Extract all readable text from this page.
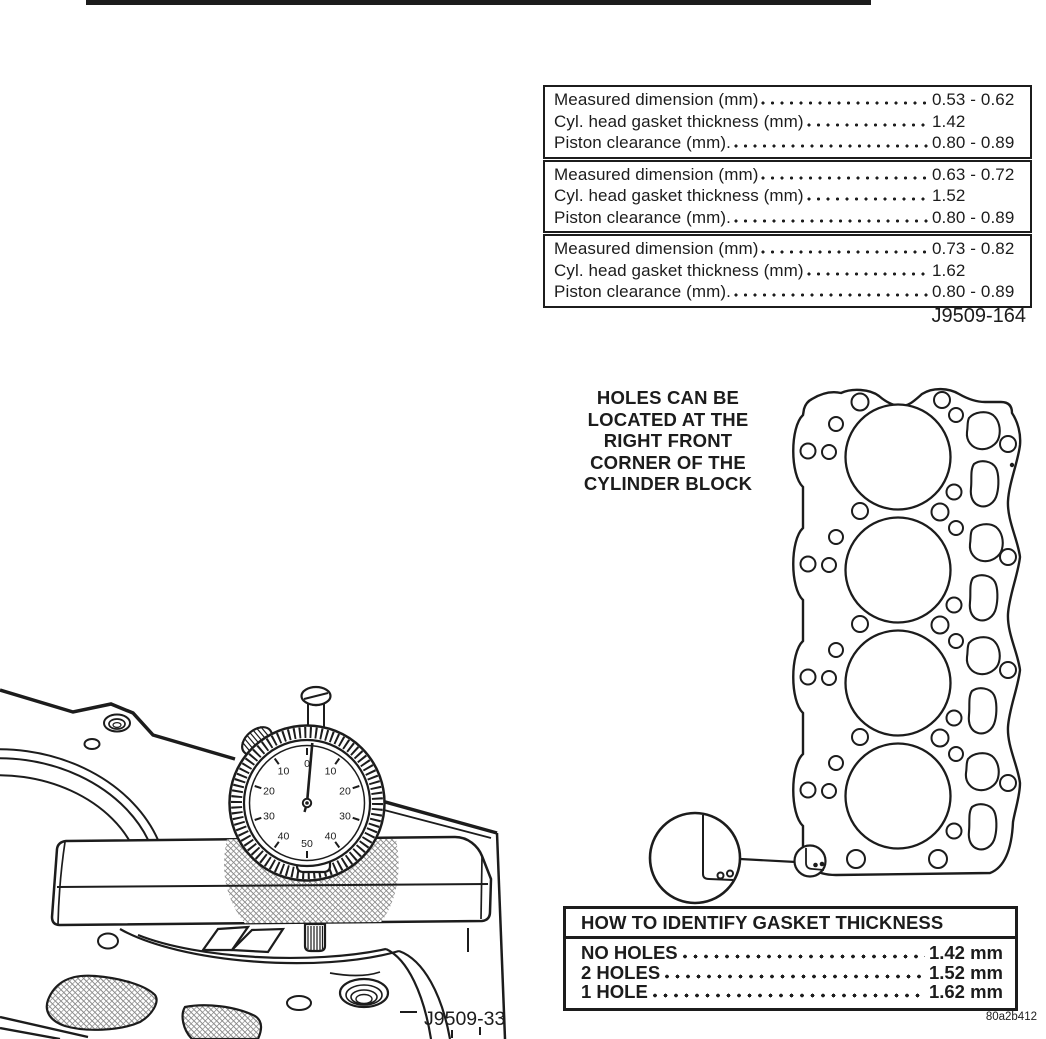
Measured dimension (mm)	0.53 - 0.62
Cyl. head gasket thickness (mm)	1.42
Piston clearance (mm).	0.80 - 0.89
Measured dimension (mm)	0.63 - 0.72
Cyl. head gasket thickness (mm)	1.52
Piston clearance (mm).	0.80 - 0.89
Measured dimension (mm)	0.73 - 0.82
Cyl. head gasket thickness (mm)	1.62
Piston clearance (mm).	0.80 - 0.89
J9509-164
HOLES CAN BE
LOCATED AT THE
RIGHT FRONT
CORNER OF THE
CYLINDER BLOCK
0
10
20
30
40
50
40
30
20
10
J9509-33
HOW TO IDENTIFY GASKET THICKNESS
NO HOLES	1.42 mm
2 HOLES	1.52 mm
1 HOLE	1.62 mm
80a2b412
